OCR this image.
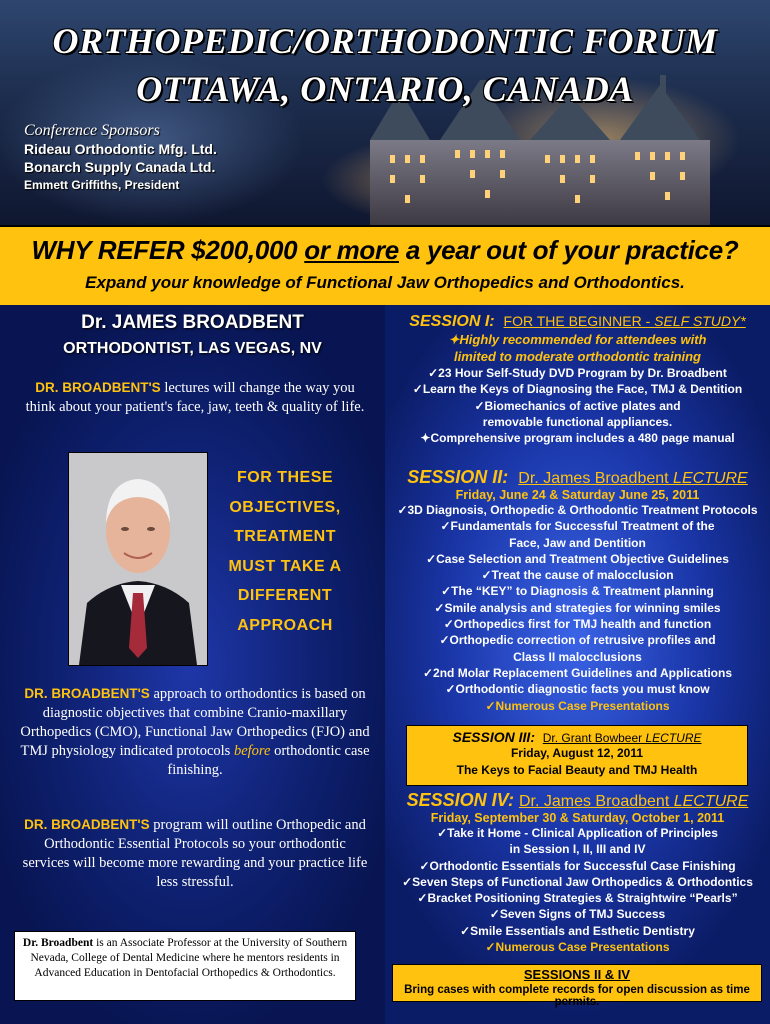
ORTHOPEDIC/ORTHODONTIC FORUM
OTTAWA, ONTARIO, CANADA
Conference Sponsors
Rideau Orthodontic Mfg. Ltd.
Bonarch Supply Canada Ltd.
Emmett Griffiths, President
WHY REFER $200,000 or more a year out of your practice?
Expand your knowledge of Functional Jaw Orthopedics and Orthodontics.
Dr. JAMES BROADBENT
ORTHODONTIST, LAS VEGAS, NV
DR. BROADBENT'S lectures will change the way you think about your patient's face, jaw, teeth & quality of life.
FOR THESE OBJECTIVES, TREATMENT MUST TAKE A DIFFERENT APPROACH
DR. BROADBENT'S approach to orthodontics is based on diagnostic objectives that combine Cranio-maxillary Orthopedics (CMO), Functional Jaw Orthopedics (FJO) and TMJ physiology indicated protocols before orthodontic case finishing.
DR. BROADBENT'S program will outline Orthopedic and Orthodontic Essential Protocols so your orthodontic services will become more rewarding and your practice life less stressful.
Dr. Broadbent is an Associate Professor at the University of Southern Nevada, College of Dental Medicine where he mentors residents in Advanced Education in Dentofacial Orthopedics & Orthodontics.
SESSION I: FOR THE BEGINNER - SELF STUDY*
✦Highly recommended for attendees with
limited to moderate orthodontic training
✓23 Hour Self-Study DVD Program by Dr. Broadbent
✓Learn the Keys of Diagnosing the Face, TMJ & Dentition
✓Biomechanics of active plates and
removable functional appliances.
✦Comprehensive program includes a 480 page manual
SESSION II:  Dr. James Broadbent LECTURE
Friday, June 24 & Saturday June 25, 2011
✓3D Diagnosis, Orthopedic & Orthodontic Treatment Protocols
✓Fundamentals for Successful Treatment of the
Face, Jaw and Dentition
✓Case Selection and Treatment Objective Guidelines
✓Treat the cause of malocclusion
✓The “KEY” to Diagnosis & Treatment planning
✓Smile analysis and strategies for winning smiles
✓Orthopedics first for TMJ health and function
✓Orthopedic correction of retrusive profiles and
Class II malocclusions
✓2nd Molar Replacement Guidelines and Applications
✓Orthodontic diagnostic facts you must know
✓Numerous Case Presentations
SESSION III:  Dr. Grant Bowbeer LECTURE
Friday, August 12, 2011
The Keys to Facial Beauty and TMJ Health
SESSION IV: Dr. James Broadbent LECTURE
Friday, September 30 & Saturday, October 1, 2011
✓Take it Home - Clinical Application of Principles
in Session I, II, III and IV
✓Orthodontic Essentials for Successful Case Finishing
✓Seven Steps of Functional Jaw Orthopedics & Orthodontics
✓Bracket Positioning Strategies & Straightwire “Pearls”
✓Seven Signs of TMJ Success
✓Smile Essentials and Esthetic Dentistry
✓Numerous Case Presentations
SESSIONS II & IV
Bring cases with complete records for open discussion as time permits.
